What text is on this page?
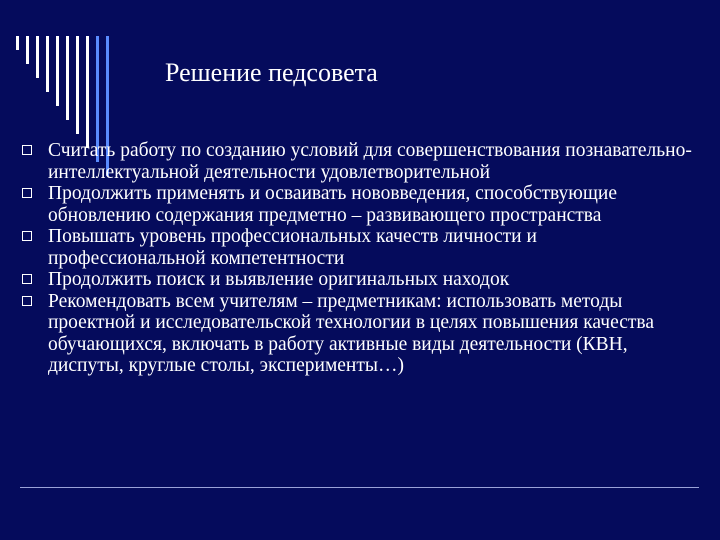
Решение педсовета
Считать работу по созданию условий для совершенствования познавательно- интеллектуальной деятельности удовлетворительной
Продолжить применять и осваивать нововведения, способствующие обновлению содержания предметно – развивающего пространства
Повышать уровень профессиональных качеств личности и профессиональной компетентности
Продолжить поиск и выявление оригинальных находок
Рекомендовать всем учителям – предметникам: использовать методы проектной и исследовательской технологии в целях повышения качества обучающихся, включать в работу активные виды деятельности (КВН, диспуты, круглые столы, эксперименты…)
